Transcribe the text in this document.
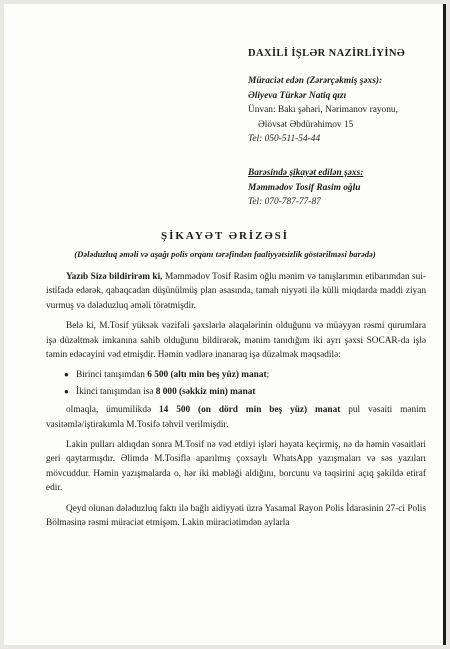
DAXİLİ İŞLƏR NAZİRLİYİNƏ
Müraciət edən (Zərərçəkmiş şəxs):
Əliyeva Türkər Natiq qızı
Ünvan: Bakı şəhəri, Nərimanov rayonu,
Əlövsət Əbdürəhimov 15
Tel: 050-511-54-44
Barəsində şikayət edilən şəxs:
Məmmədov Tosif Rasim oğlu
Tel: 070-787-77-87
ŞİKAYƏT ƏRİZƏSİ
(Dələduzluq əməli və aşağı polis orqanı tərəfindən faaliyyətsizlik göstərilməsi barədə)

Yazıb Sizə bildirirəm ki, Məmmədov Tosif Rasim oğlu mənim və tanışlarımın etibarımdan sui-istifadə edərək, qabaqcadan düşünülmüş plan əsasında, tamah niyyəti ilə külli miqdarda maddi ziyan vurmuş və dələduzluq əməli törətmişdir.

Belə ki, M.Tosif yüksək vəzifəli şəxslərlə əlaqələrinin olduğunu və müəyyən rəsmi qurumlara işə düzəltmək imkanına sahib olduğunu bildirərək, mənim tanıdığım iki ayrı şəxsi SOCAR-da işlə təmin edəcəyini vəd etmişdir. Həmin vədlərə inanaraq işə düzəlmək məqsədilə:

● Birinci tanışımdan 6 500 (altı min beş yüz) manat;
● İkinci tanışımdan isə 8 000 (səkkiz min) manat

olmaqla, ümumilikdə 14 500 (on dörd min beş yüz) manat pul vəsaiti mənim vasitəmlə/iştirakımla M.Tosifə təhvil verilmişdir.

Lakin pulları aldıqdan sonra M.Tosif nə vəd etdiyi işləri həyata keçirmiş, nə də həmin vəsaitləri geri qaytarmışdır. Əlimdə M.Tosiflə aparılmış çoxsaylı WhatsApp yazışmaları və səs yazıları mövcuddur. Həmin yazışmalarda o, hər iki məbləği aldığını, borcunu və təqsirini açıq şəkildə etiraf edir.

Qeyd olunan dələduzluq faktı ilə bağlı aidiyyəti üzrə Yasamal Rayon Polis İdarəsinin 27-ci Polis Bölməsinə rəsmi müraciət etmişəm. Lakin müraciətimdən aylarla
